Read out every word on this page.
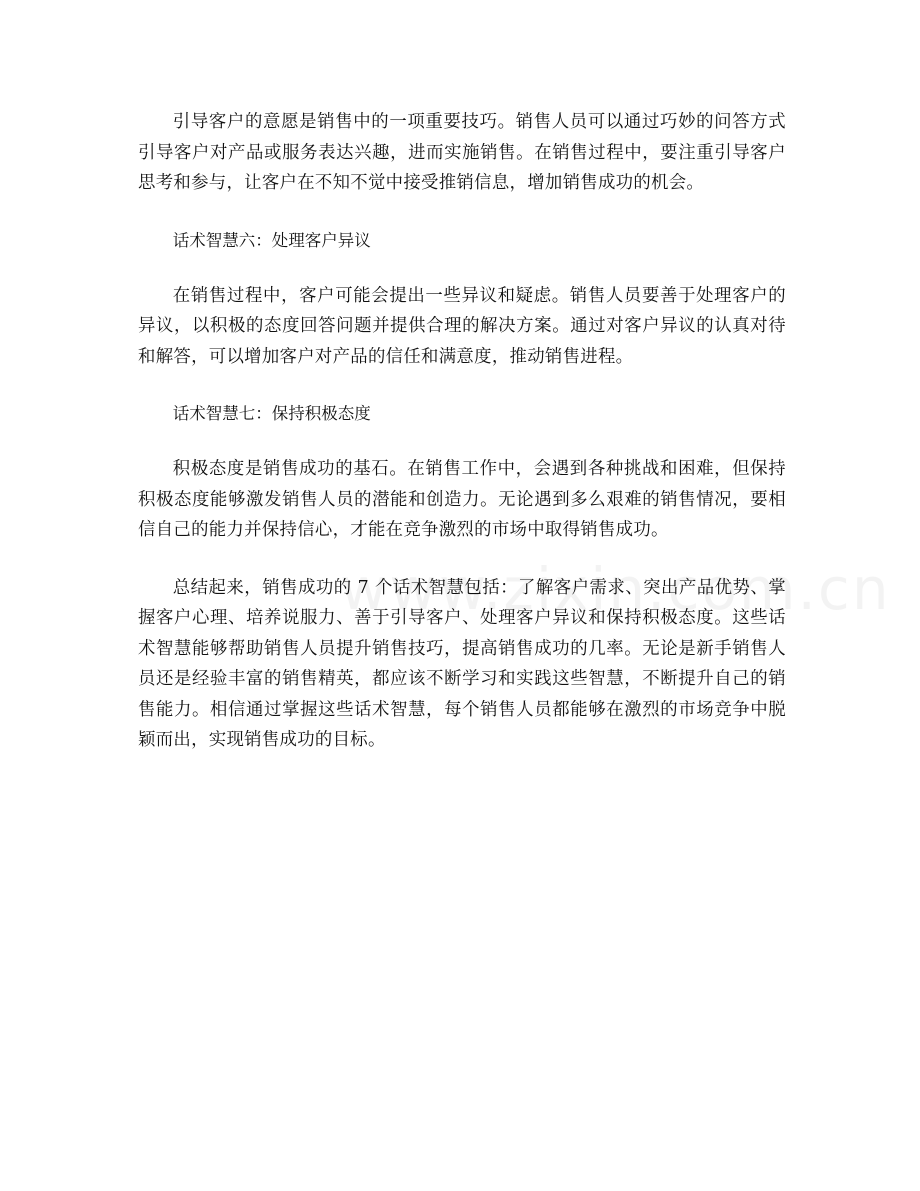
引导客户的意愿是销售中的一项重要技巧。销售人员可以通过巧妙的问答方式引导客户对产品或服务表达兴趣，进而实施销售。在销售过程中，要注重引导客户思考和参与，让客户在不知不觉中接受推销信息，增加销售成功的机会。

话术智慧六：处理客户异议

在销售过程中，客户可能会提出一些异议和疑虑。销售人员要善于处理客户的异议，以积极的态度回答问题并提供合理的解决方案。通过对客户异议的认真对待和解答，可以增加客户对产品的信任和满意度，推动销售进程。

话术智慧七：保持积极态度

积极态度是销售成功的基石。在销售工作中，会遇到各种挑战和困难，但保持积极态度能够激发销售人员的潜能和创造力。无论遇到多么艰难的销售情况，要相信自己的能力并保持信心，才能在竞争激烈的市场中取得销售成功。

总结起来，销售成功的 7 个话术智慧包括：了解客户需求、突出产品优势、掌握客户心理、培养说服力、善于引导客户、处理客户异议和保持积极态度。这些话术智慧能够帮助销售人员提升销售技巧，提高销售成功的几率。无论是新手销售人员还是经验丰富的销售精英，都应该不断学习和实践这些智慧，不断提升自己的销售能力。相信通过掌握这些话术智慧，每个销售人员都能够在激烈的市场竞争中脱颖而出，实现销售成功的目标。
